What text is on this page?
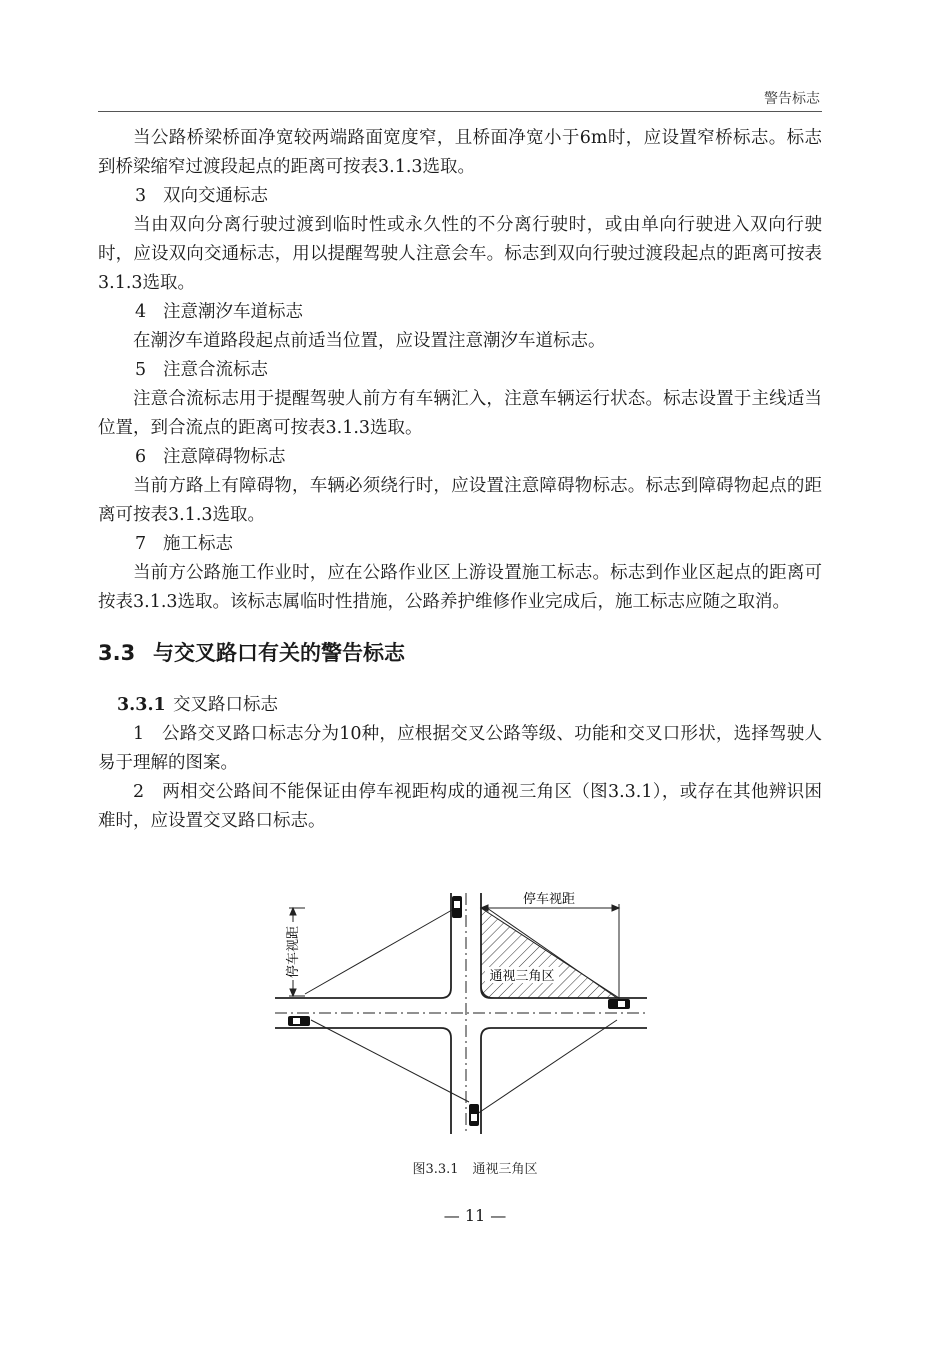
警告标志

当公路桥梁桥面净宽较两端路面宽度窄，且桥面净宽小于6m时，应设置窄桥标志。标志到桥梁缩窄过渡段起点的距离可按表3.1.3选取。

3 双向交通标志

当由双向分离行驶过渡到临时性或永久性的不分离行驶时，或由单向行驶进入双向行驶时，应设双向交通标志，用以提醒驾驶人注意会车。标志到双向行驶过渡段起点的距离可按表3.1.3选取。

4 注意潮汐车道标志

在潮汐车道路段起点前适当位置，应设置注意潮汐车道标志。

5 注意合流标志

注意合流标志用于提醒驾驶人前方有车辆汇入，注意车辆运行状态。标志设置于主线适当位置，到合流点的距离可按表3.1.3选取。

6 注意障碍物标志

当前方路上有障碍物，车辆必须绕行时，应设置注意障碍物标志。标志到障碍物起点的距离可按表3.1.3选取。

7 施工标志

当前方公路施工作业时，应在公路作业区上游设置施工标志。标志到作业区起点的距离可按表3.1.3选取。该标志属临时性措施，公路养护维修作业完成后，施工标志应随之取消。

3.3 与交叉路口有关的警告标志

3.3.1 交叉路口标志

1　公路交叉路口标志分为10种，应根据交叉公路等级、功能和交叉口形状，选择驾驶人易于理解的图案。

2　两相交公路间不能保证由停车视距构成的通视三角区（图3.3.1），或存在其他辨识困难时，应设置交叉路口标志。

停车视距
停车视距	通视三角区
图3.3.1 通视三角区
— 11 —
